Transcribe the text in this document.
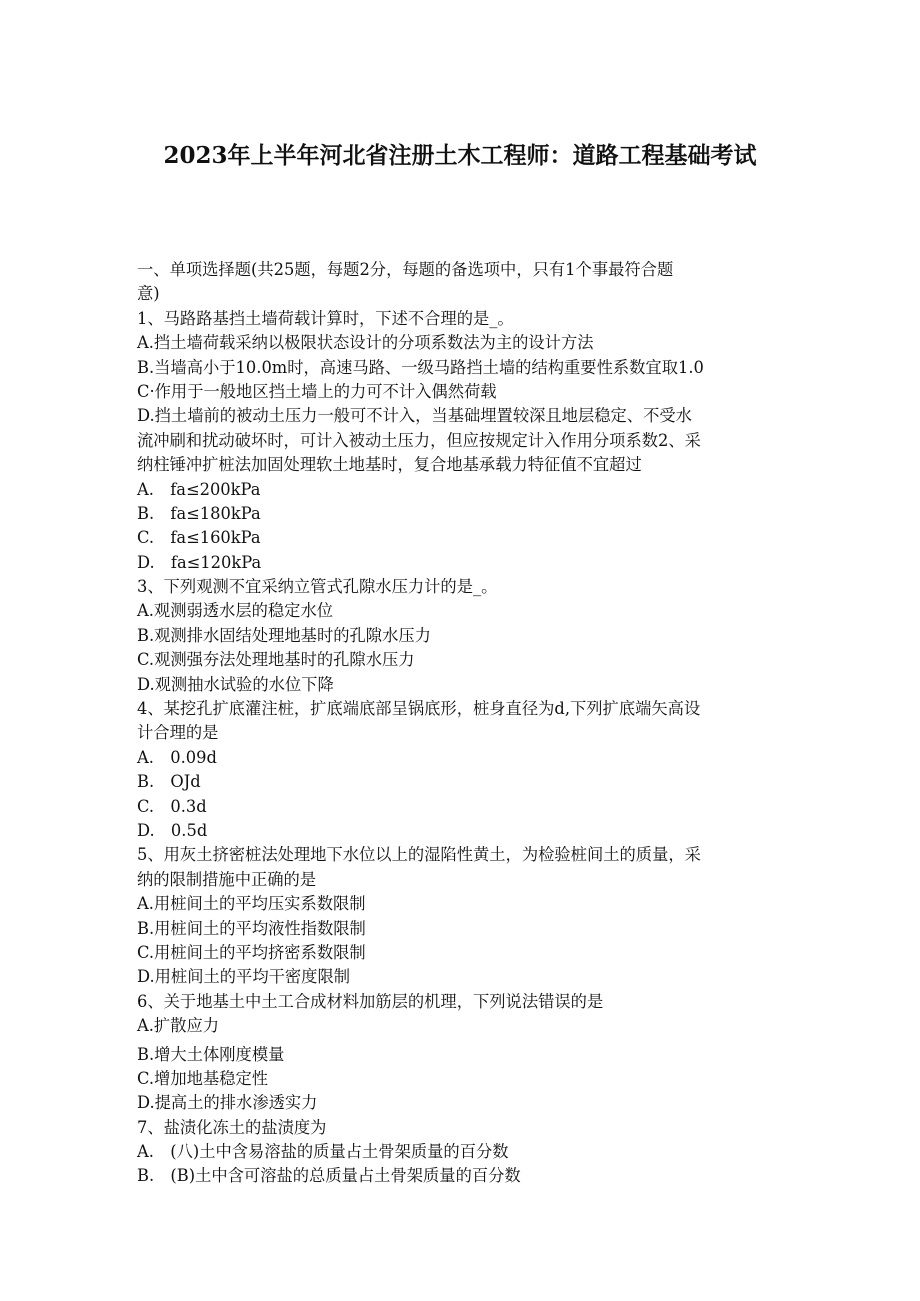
2023年上半年河北省注册土木工程师：道路工程基础考试
一、单项选择题(共25题，每题2分，每题的备选项中，只有1个事最符合题
意)
1、马路路基挡土墙荷载计算时，下述不合理的是_。
A.挡土墙荷载采纳以极限状态设计的分项系数法为主的设计方法
B.当墙高小于10.0m时，高速马路、一级马路挡土墙的结构重要性系数宜取1.0
C·作用于一般地区挡土墙上的力可不计入偶然荷载
D.挡土墙前的被动土压力一般可不计入，当基础埋置较深且地层稳定、不受水
流冲刷和扰动破坏时，可计入被动土压力，但应按规定计入作用分项系数2、采
纳柱锤冲扩桩法加固处理软土地基时，复合地基承载力特征值不宜超过
A.　fa≤200kPa
B.　fa≤180kPa
C.　fa≤160kPa
D.　fa≤120kPa
3、下列观测不宜采纳立管式孔隙水压力计的是_。
A.观测弱透水层的稳定水位
B.观测排水固结处理地基时的孔隙水压力
C.观测强夯法处理地基时的孔隙水压力
D.观测抽水试验的水位下降
4、某挖孔扩底灌注桩，扩底端底部呈锅底形，桩身直径为d,下列扩底端矢高设
计合理的是
A.　0.09d
B.　OJd
C.　0.3d
D.　0.5d
5、用灰土挤密桩法处理地下水位以上的湿陷性黄土，为检验桩间土的质量，采
纳的限制措施中正确的是
A.用桩间土的平均压实系数限制
B.用桩间土的平均液性指数限制
C.用桩间土的平均挤密系数限制
D.用桩间土的平均干密度限制
6、关于地基土中土工合成材料加筋层的机理，下列说法错误的是
A.扩散应力
B.增大土体刚度模量
C.增加地基稳定性
D.提高土的排水渗透实力
7、盐渍化冻土的盐渍度为
A.　(八)土中含易溶盐的质量占土骨架质量的百分数
B.　(B)土中含可溶盐的总质量占土骨架质量的百分数
